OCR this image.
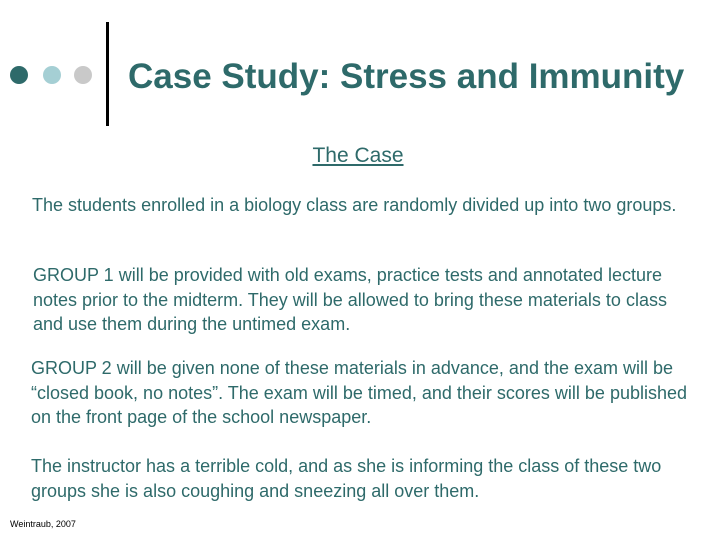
Case Study: Stress and Immunity
The Case
The students enrolled in a biology class are randomly divided up into two groups.
GROUP 1 will be provided with old exams, practice tests and annotated lecture notes prior to the midterm. They will be allowed to bring these materials to class and use them during the untimed exam.
GROUP 2 will be given none of these materials in advance, and the exam will be “closed book, no notes”. The exam will be timed, and their scores will be published on the front page of the school newspaper.
The instructor has a terrible cold, and as she is informing the class of these two groups she is also coughing and sneezing all over them.
Weintraub, 2007
